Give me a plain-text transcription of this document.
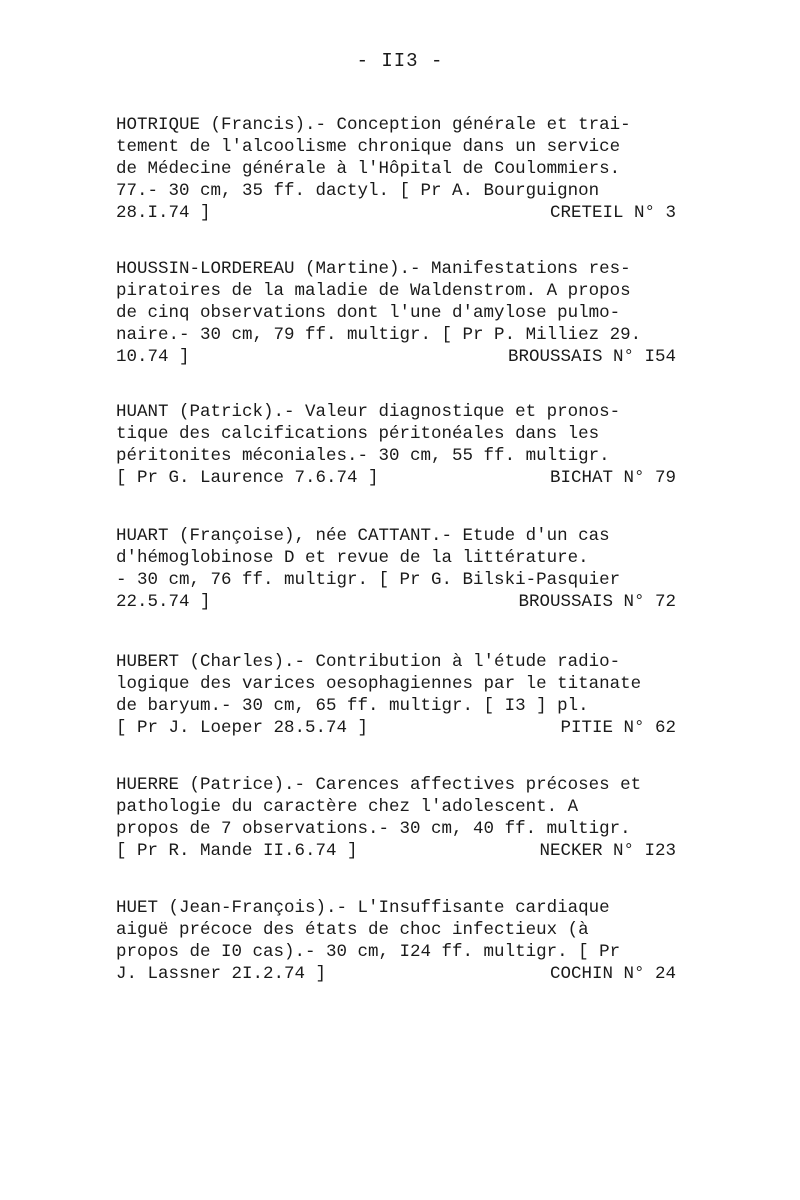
- II3 -
HOTRIQUE (Francis).- Conception générale et trai-
tement de l'alcoolisme chronique dans un service
de Médecine générale à l'Hôpital de Coulommiers.
77.- 30 cm, 35 ff. dactyl. [ Pr A. Bourguignon
28.I.74 ]	CRETEIL N° 3
HOUSSIN-LORDEREAU (Martine).- Manifestations res-
piratoires de la maladie de Waldenstrom. A propos
de cinq observations dont l'une d'amylose pulmo-
naire.- 30 cm, 79 ff. multigr. [ Pr P. Milliez 29.
10.74 ]	BROUSSAIS N° I54
HUANT (Patrick).- Valeur diagnostique et pronos-
tique des calcifications péritonéales dans les
péritonites méconiales.- 30 cm, 55 ff. multigr.
[ Pr G. Laurence 7.6.74 ]	BICHAT N° 79
HUART (Françoise), née CATTANT.- Etude d'un cas
d'hémoglobinose D et revue de la littérature.
- 30 cm, 76 ff. multigr. [ Pr G. Bilski-Pasquier
22.5.74 ]	BROUSSAIS N° 72
HUBERT (Charles).- Contribution à l'étude radio-
logique des varices oesophagiennes par le titanate
de baryum.- 30 cm, 65 ff. multigr. [ I3 ] pl.
[ Pr J. Loeper 28.5.74 ]	PITIE N° 62
HUERRE (Patrice).- Carences affectives précoses et
pathologie du caractère chez l'adolescent. A
propos de 7 observations.- 30 cm, 40 ff. multigr.
[ Pr R. Mande II.6.74 ]	NECKER N° I23
HUET (Jean-François).- L'Insuffisante cardiaque
aiguë précoce des états de choc infectieux (à
propos de I0 cas).- 30 cm, I24 ff. multigr. [ Pr
J. Lassner 2I.2.74 ]	COCHIN N° 24
